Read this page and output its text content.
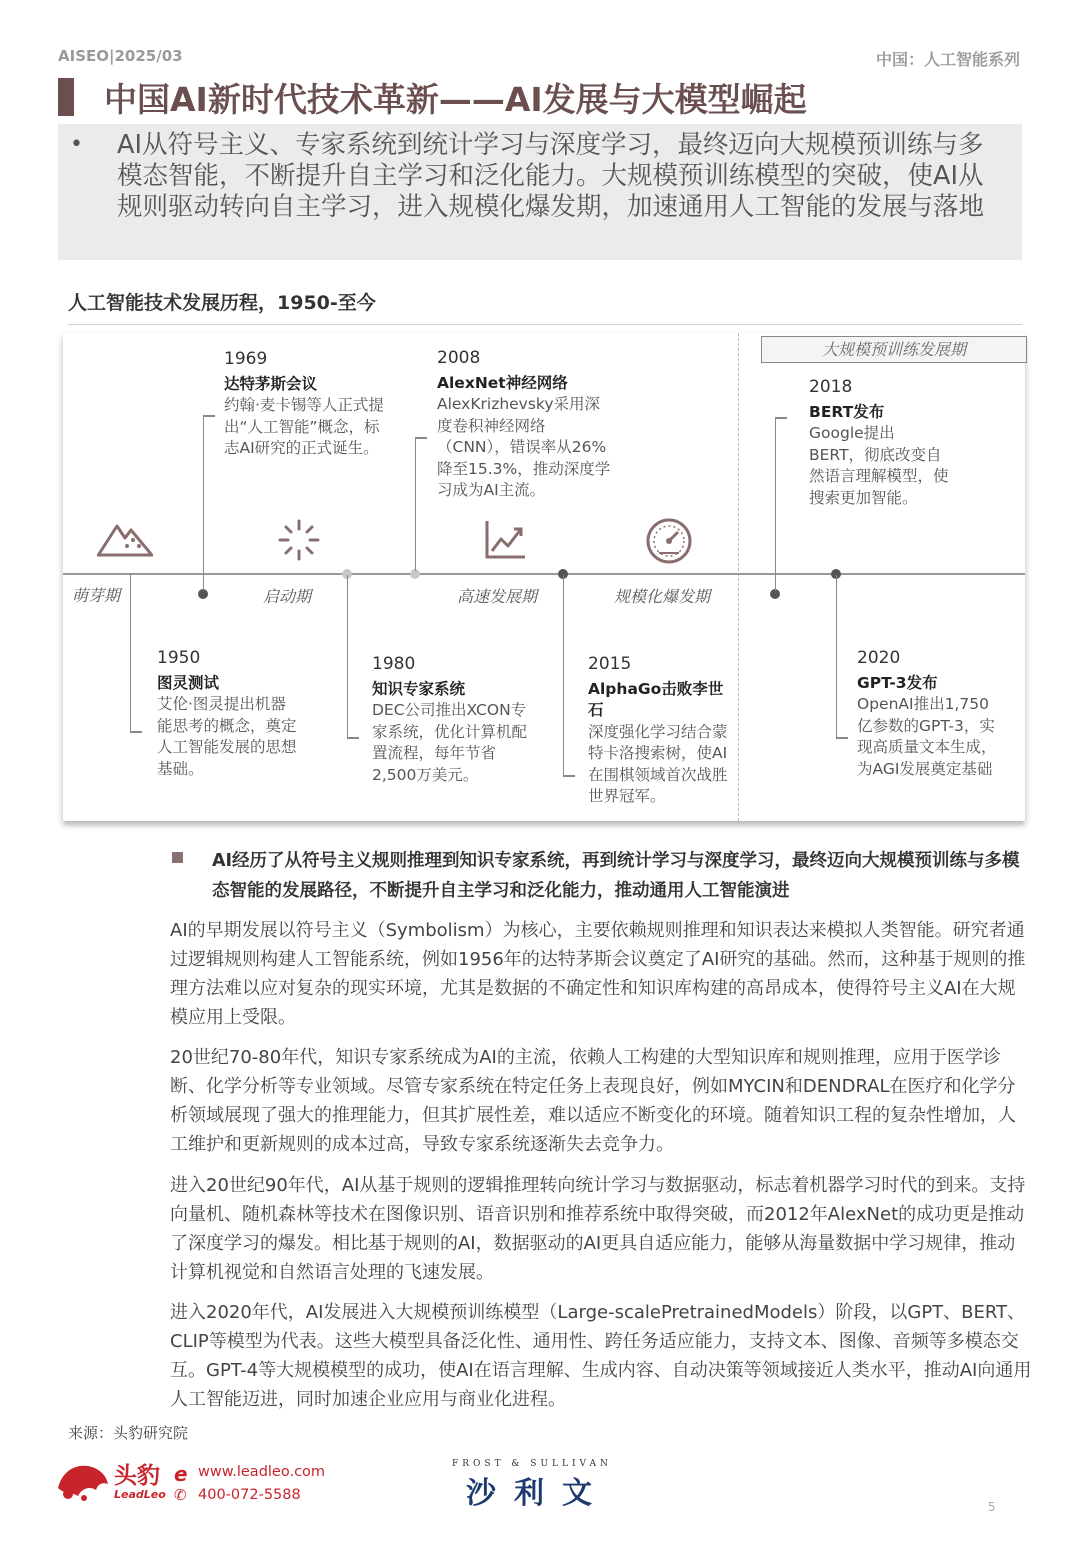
AISEO|2025/03	中国：人工智能系列
中国AI新时代技术革新——AI发展与大模型崛起
• AI从符号主义、专家系统到统计学习与深度学习，最终迈向大规模预训练与多模态智能，不断提升自主学习和泛化能力。大规模预训练模型的突破，使AI从规则驱动转向自主学习，进入规模化爆发期，加速通用人工智能的发展与落地
人工智能技术发展历程，1950-至今
大规模预训练发展期
萌芽期	启动期	高速发展期	规模化爆发期
1969
达特茅斯会议
约翰·麦卡锡等人正式提出“人工智能”概念，标志AI研究的正式诞生。
2008
AlexNet神经网络
AlexKrizhevsky采用深度卷积神经网络（CNN），错误率从26%降至15.3%，推动深度学习成为AI主流。
2018
BERT发布
Google提出BERT，彻底改变自然语言理解模型，使搜索更加智能。
1950
图灵测试
艾伦·图灵提出机器能思考的概念，奠定人工智能发展的思想基础。
1980
知识专家系统
DEC公司推出XCON专家系统，优化计算机配置流程，每年节省2,500万美元。
2015
AlphaGo击败李世石
深度强化学习结合蒙特卡洛搜索树，使AI在围棋领域首次战胜世界冠军。
2020
GPT-3发布
OpenAI推出1,750亿参数的GPT-3，实现高质量文本生成，为AGI发展奠定基础
AI经历了从符号主义规则推理到知识专家系统，再到统计学习与深度学习，最终迈向大规模预训练与多模态智能的发展路径，不断提升自主学习和泛化能力，推动通用人工智能演进

AI的早期发展以符号主义（Symbolism）为核心，主要依赖规则推理和知识表达来模拟人类智能。研究者通过逻辑规则构建人工智能系统，例如1956年的达特茅斯会议奠定了AI研究的基础。然而，这种基于规则的推理方法难以应对复杂的现实环境，尤其是数据的不确定性和知识库构建的高昂成本，使得符号主义AI在大规模应用上受限。

20世纪70-80年代，知识专家系统成为AI的主流，依赖人工构建的大型知识库和规则推理，应用于医学诊断、化学分析等专业领域。尽管专家系统在特定任务上表现良好，例如MYCIN和DENDRAL在医疗和化学分析领域展现了强大的推理能力，但其扩展性差，难以适应不断变化的环境。随着知识工程的复杂性增加，人工维护和更新规则的成本过高，导致专家系统逐渐失去竞争力。

进入20世纪90年代，AI从基于规则的逻辑推理转向统计学习与数据驱动，标志着机器学习时代的到来。支持向量机、随机森林等技术在图像识别、语音识别和推荐系统中取得突破，而2012年AlexNet的成功更是推动了深度学习的爆发。相比基于规则的AI，数据驱动的AI更具自适应能力，能够从海量数据中学习规律，推动计算机视觉和自然语言处理的飞速发展。

进入2020年代，AI发展进入大规模预训练模型（Large-scalePretrainedModels）阶段，以GPT、BERT、CLIP等模型为代表。这些大模型具备泛化性、通用性、跨任务适应能力，支持文本、图像、音频等多模态交互。GPT-4等大规模模型的成功，使AI在语言理解、生成内容、自动决策等领域接近人类水平，推动AI向通用人工智能迈进，同时加速企业应用与商业化进程。

来源：头豹研究院
头豹
LeadLeo
e
✆
www.leadleo.com
400-072-5588
FROST & SULLIVAN
沙利文	5
